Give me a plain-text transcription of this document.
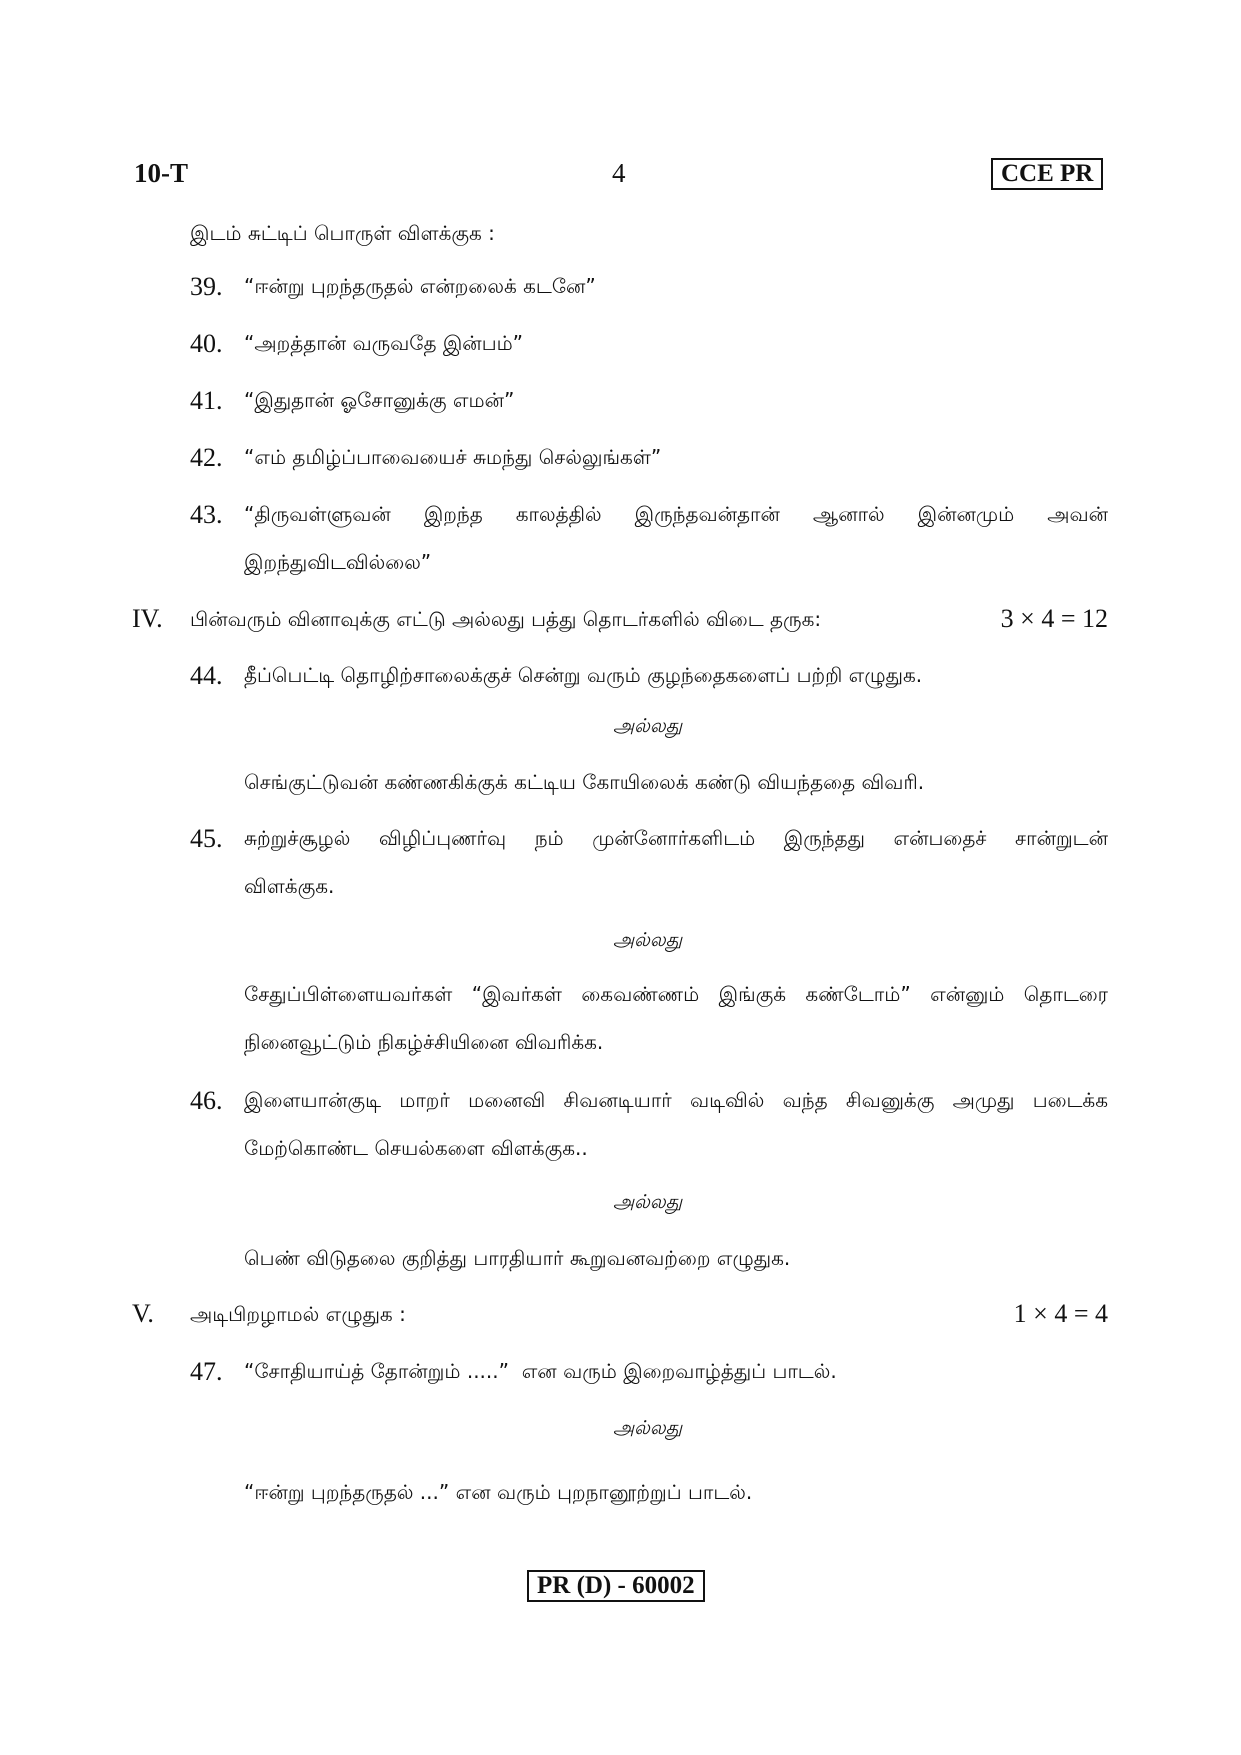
10-T	4	CCE PR
இடம் சுட்டிப் பொருள் விளக்குக :
39. “ஈன்று புறந்தருதல் என்றலைக் கடனே”
40. “அறத்தான் வருவதே இன்பம்”
41. “இதுதான் ஓசோனுக்கு எமன்”
42. “எம் தமிழ்ப்பாவையைச் சுமந்து செல்லுங்கள்”
43. “திருவள்ளுவன் இறந்த காலத்தில் இருந்தவன்தான் ஆனால் இன்னமும் அவன்
இறந்துவிடவில்லை”
IV. பின்வரும் வினாவுக்கு எட்டு அல்லது பத்து தொடர்களில் விடை தருக:	3 × 4 = 12
44. தீப்பெட்டி தொழிற்சாலைக்குச் சென்று வரும் குழந்தைகளைப் பற்றி எழுதுக.
அல்லது
செங்குட்டுவன் கண்ணகிக்குக் கட்டிய கோயிலைக் கண்டு வியந்ததை விவரி.
45. சுற்றுச்சூழல் விழிப்புணர்வு நம் முன்னோர்களிடம் இருந்தது என்பதைச் சான்றுடன்
விளக்குக.
அல்லது
சேதுப்பிள்ளையவர்கள் “இவர்கள் கைவண்ணம் இங்குக் கண்டோம்” என்னும் தொடரை
நினைவூட்டும் நிகழ்ச்சியினை விவரிக்க.
46. இளையான்குடி மாறர் மனைவி சிவனடியார் வடிவில் வந்த சிவனுக்கு அமுது படைக்க
மேற்கொண்ட செயல்களை விளக்குக..
அல்லது
பெண் விடுதலை குறித்து பாரதியார் கூறுவனவற்றை எழுதுக.
V. அடிபிறழாமல் எழுதுக :	1 × 4 = 4
47. “சோதியாய்த் தோன்றும் .....”  என வரும் இறைவாழ்த்துப் பாடல்.
அல்லது
“ஈன்று புறந்தருதல் ...” என வரும் புறநானூற்றுப் பாடல்.
PR (D) - 60002
